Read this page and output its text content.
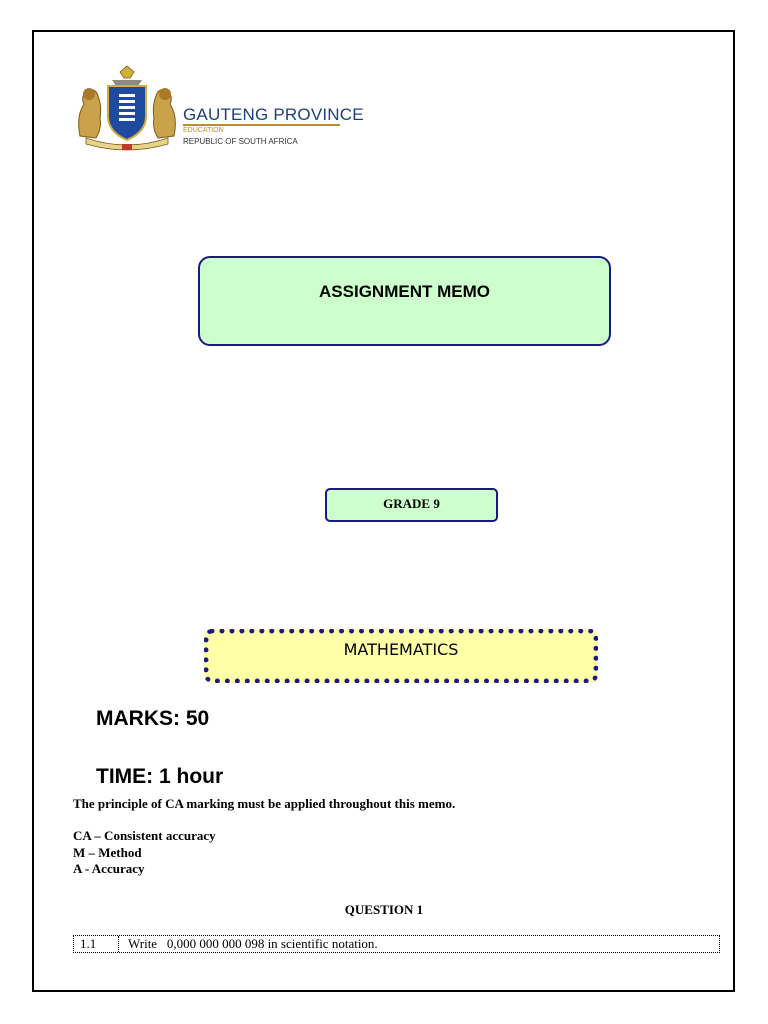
GAUTENG PROVINCE
EDUCATION
REPUBLIC OF SOUTH AFRICA
ASSIGNMENT MEMO
GRADE 9
MATHEMATICS
MARKS: 50
TIME: 1 hour
The principle of CA marking must be applied throughout this memo.
CA – Consistent accuracy
M – Method
A - Accuracy
QUESTION 1
1.1	Write   0,000 000 000 098 in scientific notation.
